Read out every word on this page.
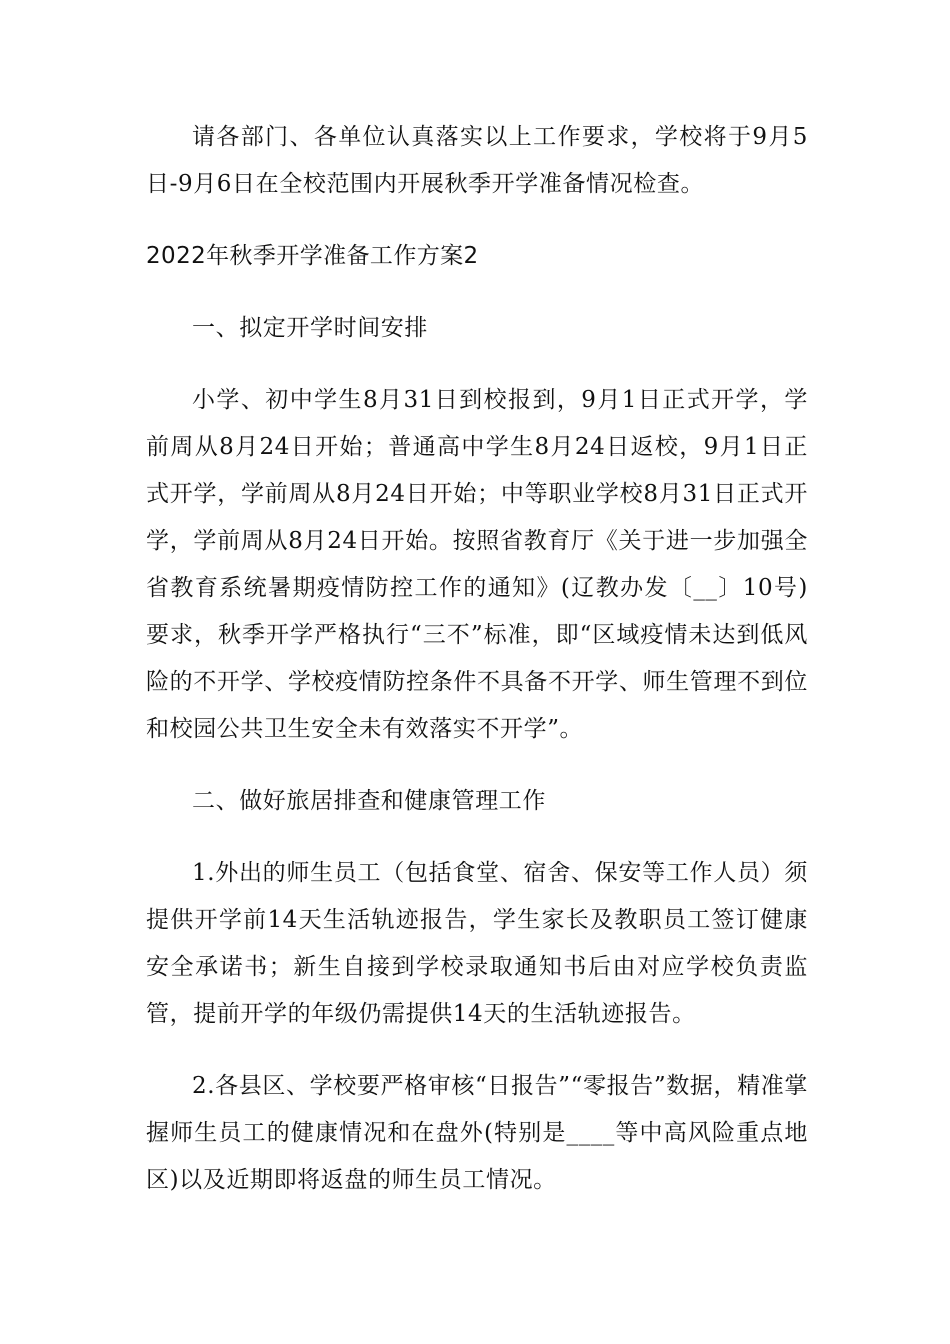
请各部门、各单位认真落实以上工作要求，学校将于9月5日-9月6日在全校范围内开展秋季开学准备情况检查。

2022年秋季开学准备工作方案2

一、拟定开学时间安排

小学、初中学生8月31日到校报到，9月1日正式开学，学前周从8月24日开始；普通高中学生8月24日返校，9月1日正式开学，学前周从8月24日开始；中等职业学校8月31日正式开学，学前周从8月24日开始。按照省教育厅《关于进一步加强全省教育系统暑期疫情防控工作的通知》(辽教办发〔__〕10号)要求，秋季开学严格执行“三不”标准，即“区域疫情未达到低风险的不开学、学校疫情防控条件不具备不开学、师生管理不到位和校园公共卫生安全未有效落实不开学”。

二、做好旅居排查和健康管理工作

1.外出的师生员工（包括食堂、宿舍、保安等工作人员）须提供开学前14天生活轨迹报告，学生家长及教职员工签订健康安全承诺书；新生自接到学校录取通知书后由对应学校负责监管，提前开学的年级仍需提供14天的生活轨迹报告。

2.各县区、学校要严格审核“日报告”“零报告”数据，精准掌握师生员工的健康情况和在盘外(特别是____等中高风险重点地区)以及近期即将返盘的师生员工情况。
